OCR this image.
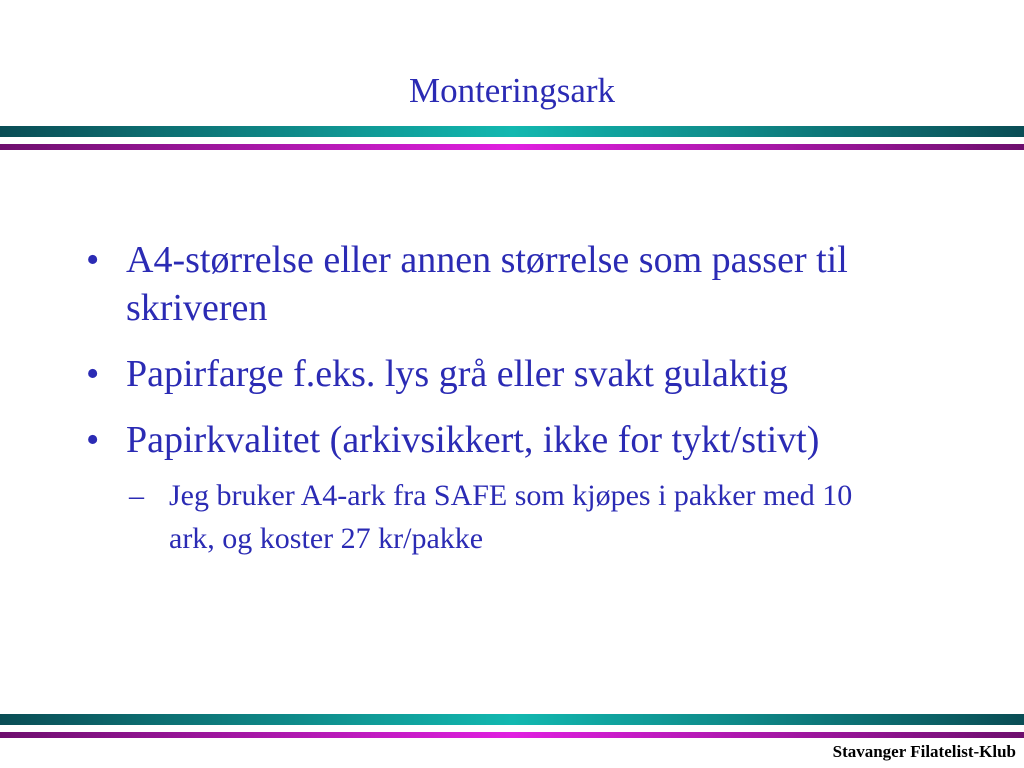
Monteringsark
• A4-størrelse eller annen størrelse som passer til skriveren
• Papirfarge f.eks. lys grå eller svakt gulaktig
• Papirkvalitet (arkivsikkert, ikke for tykt/stivt)
– Jeg bruker A4-ark fra SAFE som kjøpes i pakker med 10 ark, og koster 27 kr/pakke
Stavanger Filatelist-Klub
